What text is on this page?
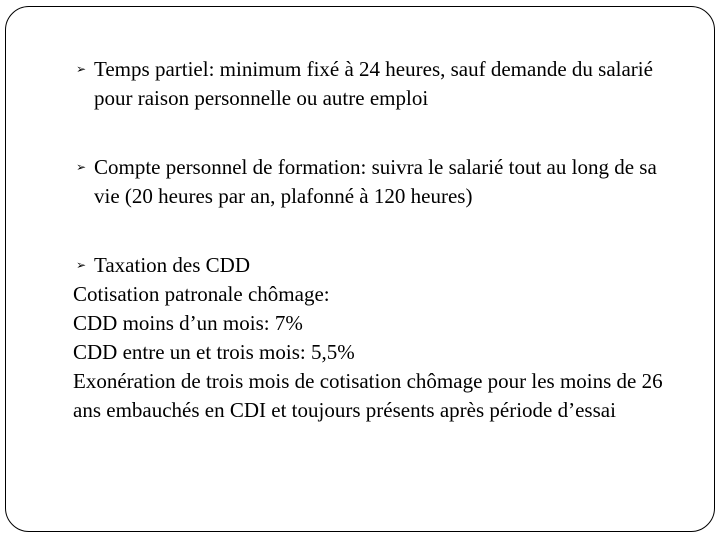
➢ Temps partiel: minimum fixé à 24 heures, sauf demande du salarié pour raison personnelle ou autre emploi
➢ Compte personnel de formation: suivra le salarié tout au long de sa vie (20 heures par an, plafonné à 120 heures)
➢ Taxation des CDD
Cotisation patronale chômage:
CDD moins d’un mois: 7%
CDD entre un et trois mois: 5,5%
Exonération de trois mois de cotisation chômage pour les moins de 26 ans embauchés en CDI et toujours présents après période d’essai
